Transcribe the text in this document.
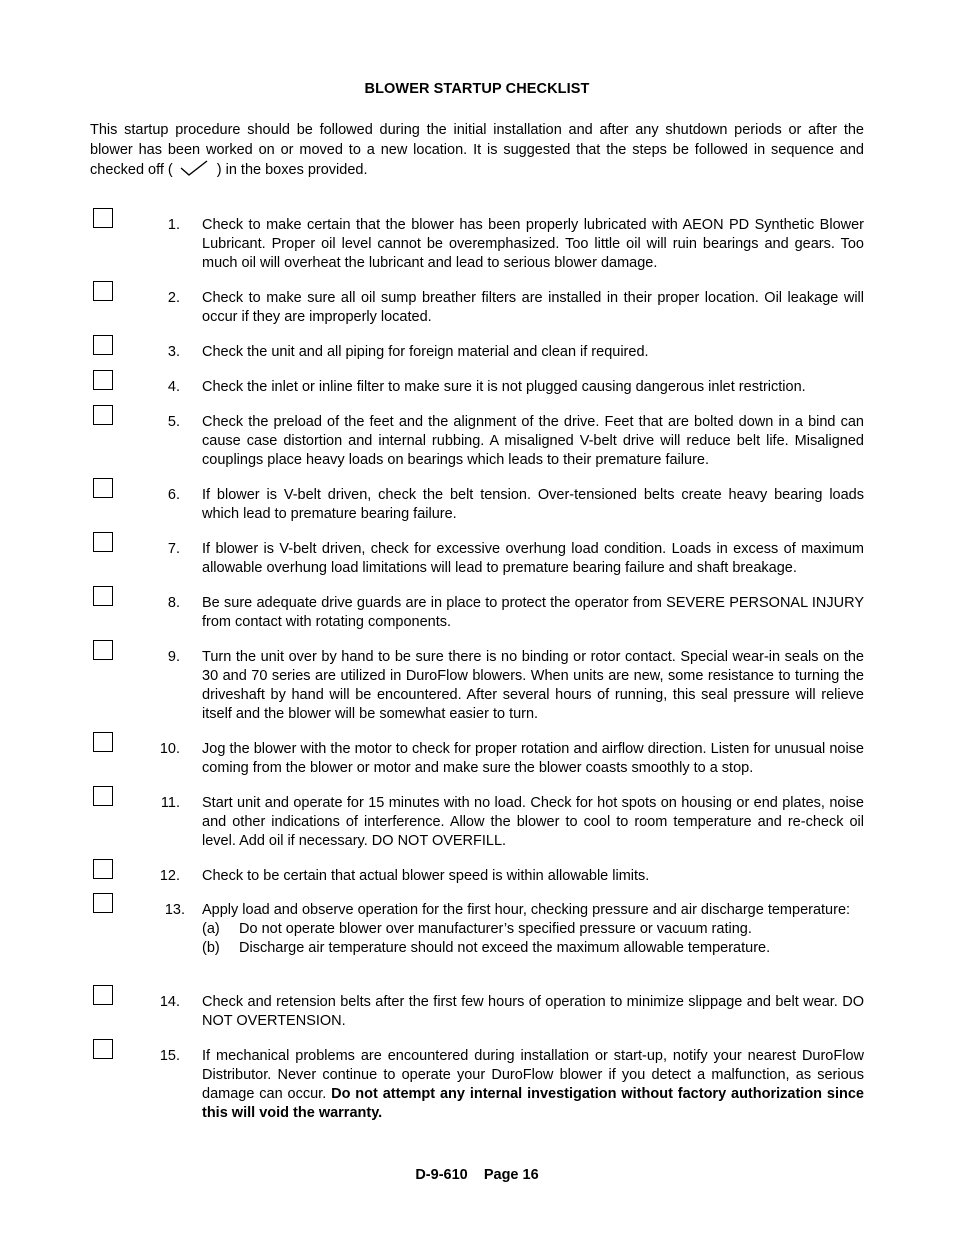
BLOWER STARTUP CHECKLIST
This startup procedure should be followed during the initial installation and after any shutdown periods or after the blower has been worked on or moved to a new location. It is suggested that the steps be followed in sequence and checked off (	) in the boxes provided.
1. Check to make certain that the blower has been properly lubricated with AEON PD Synthetic Blower Lubricant. Proper oil level cannot be overemphasized. Too little oil will ruin bearings and gears. Too much oil will overheat the lubricant and lead to serious blower damage.
2. Check to make sure all oil sump breather filters are installed in their proper location. Oil leakage will occur if they are improperly located.
3. Check the unit and all piping for foreign material and clean if required.
4. Check the inlet or inline filter to make sure it is not plugged causing dangerous inlet restriction.
5. Check the preload of the feet and the alignment of the drive. Feet that are bolted down in a bind can cause case distortion and internal rubbing. A misaligned V-belt drive will reduce belt life. Misaligned couplings place heavy loads on bearings which leads to their premature failure.
6. If blower is V-belt driven, check the belt tension. Over-tensioned belts create heavy bearing loads which lead to premature bearing failure.
7. If blower is V-belt driven, check for excessive overhung load condition. Loads in excess of maximum allowable overhung load limitations will lead to premature bearing failure and shaft breakage.
8. Be sure adequate drive guards are in place to protect the operator from SEVERE PERSONAL INJURY from contact with rotating components.
9. Turn the unit over by hand to be sure there is no binding or rotor contact. Special wear-in seals on the 30 and 70 series are utilized in DuroFlow blowers. When units are new, some resistance to turning the driveshaft by hand will be encountered. After several hours of running, this seal pressure will relieve itself and the blower will be somewhat easier to turn.
10. Jog the blower with the motor to check for proper rotation and airflow direction. Listen for unusual noise coming from the blower or motor and make sure the blower coasts smoothly to a stop.
11. Start unit and operate for 15 minutes with no load. Check for hot spots on housing or end plates, noise and other indications of interference. Allow the blower to cool to room temperature and re-check oil level. Add oil if necessary. DO NOT OVERFILL.
12. Check to be certain that actual blower speed is within allowable limits.
13. Apply load and observe operation for the first hour, checking pressure and air discharge temperature:
(a)	Do not operate blower over manufacturer’s specified pressure or vacuum rating.
(b)	Discharge air temperature should not exceed the maximum allowable temperature.
14. Check and retension belts after the first few hours of operation to minimize slippage and belt wear. DO NOT OVERTENSION.
15. If mechanical problems are encountered during installation or start-up, notify your nearest DuroFlow Distributor. Never continue to operate your DuroFlow blower if you detect a malfunction, as serious damage can occur. Do not attempt any internal investigation without factory authorization since this will void the warranty.
D-9-610 Page 16
